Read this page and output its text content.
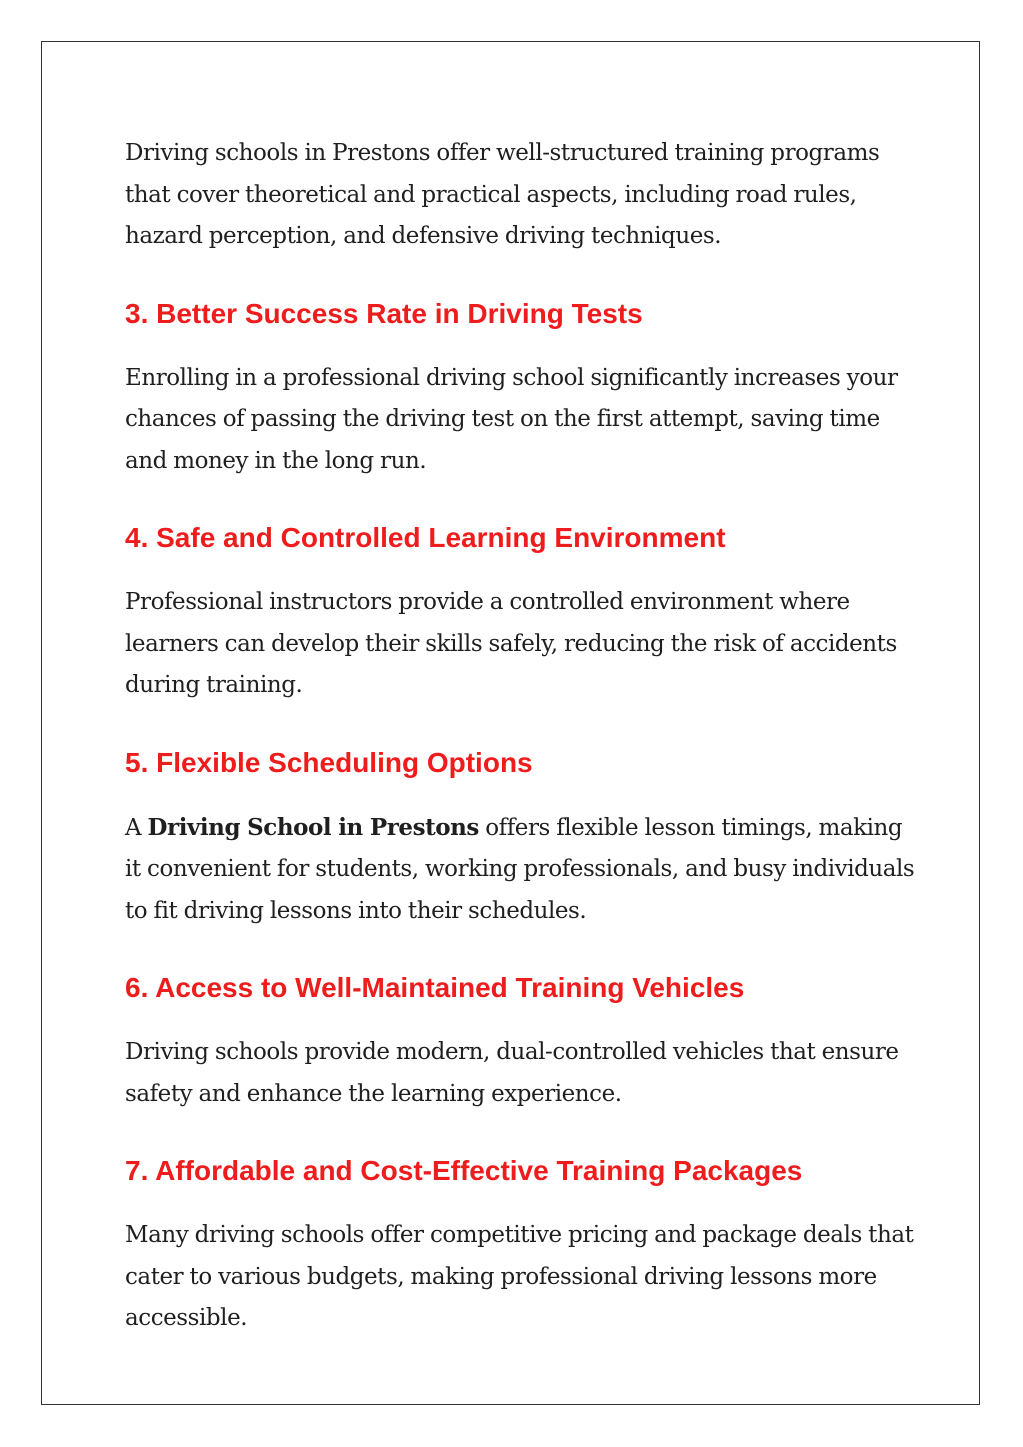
Driving schools in Prestons offer well-structured training programs that cover theoretical and practical aspects, including road rules, hazard perception, and defensive driving techniques.

3. Better Success Rate in Driving Tests

Enrolling in a professional driving school significantly increases your chances of passing the driving test on the first attempt, saving time and money in the long run.

4. Safe and Controlled Learning Environment

Professional instructors provide a controlled environment where learners can develop their skills safely, reducing the risk of accidents during training.

5. Flexible Scheduling Options

A Driving School in Prestons offers flexible lesson timings, making it convenient for students, working professionals, and busy individuals to fit driving lessons into their schedules.

6. Access to Well-Maintained Training Vehicles

Driving schools provide modern, dual-controlled vehicles that ensure safety and enhance the learning experience.

7. Affordable and Cost-Effective Training Packages

Many driving schools offer competitive pricing and package deals that cater to various budgets, making professional driving lessons more accessible.
